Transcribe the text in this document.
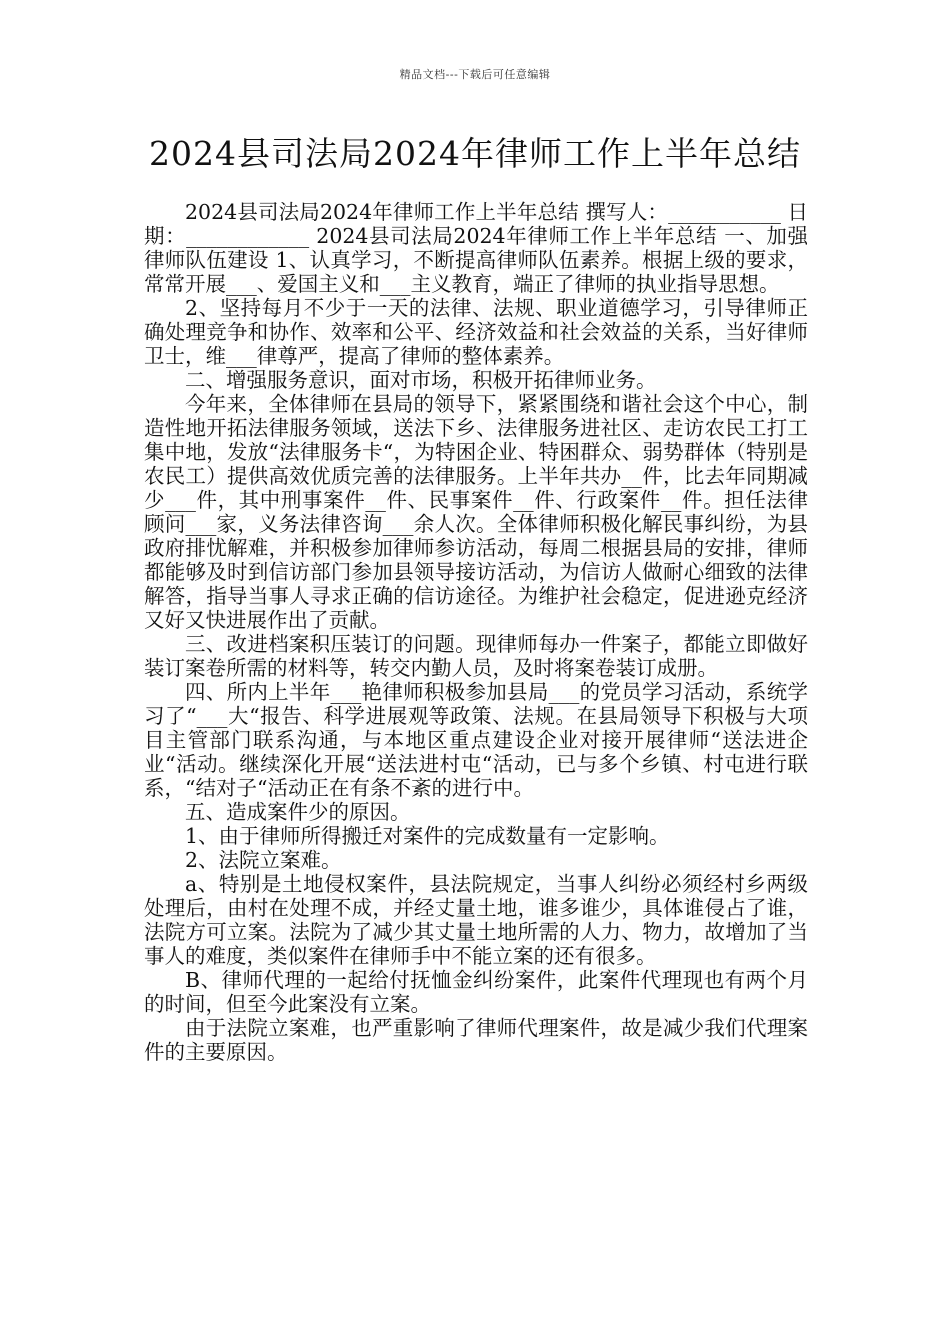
精品文档---下载后可任意编辑
2024县司法局2024年律师工作上半年总结

2024县司法局2024年律师工作上半年总结 撰写人：___________ 日 期：____________ 2024县司法局2024年律师工作上半年总结 一、加强律师队伍建设 1、认真学习，不断提高律师队伍素养。根据上级的要求，常常开展___、爱国主义和___主义教育，端正了律师的执业指导思想。

2、坚持每月不少于一天的法律、法规、职业道德学习，引导律师正确处理竞争和协作、效率和公平、经济效益和社会效益的关系，当好律师卫士，维___律尊严，提高了律师的整体素养。

二、增强服务意识，面对市场，积极开拓律师业务。

今年来，全体律师在县局的领导下，紧紧围绕和谐社会这个中心，制造性地开拓法律服务领域，送法下乡、法律服务进社区、走访农民工打工集中地，发放“法律服务卡“，为特困企业、特困群众、弱势群体（特别是农民工）提供高效优质完善的法律服务。上半年共办__件，比去年同期减少___件，其中刑事案件__件、民事案件__件、行政案件__件。担任法律顾问___家，义务法律咨询___余人次。全体律师积极化解民事纠纷，为县政府排忧解难，并积极参加律师参访活动，每周二根据县局的安排，律师都能够及时到信访部门参加县领导接访活动，为信访人做耐心细致的法律解答，指导当事人寻求正确的信访途径。为维护社会稳定，促进逊克经济又好又快进展作出了贡献。

三、改进档案积压装订的问题。现律师每办一件案子，都能立即做好装订案卷所需的材料等，转交内勤人员，及时将案卷装订成册。

四、所内上半年___艳律师积极参加县局___的党员学习活动，系统学习了“___大“报告、科学进展观等政策、法规。在县局领导下积极与大项目主管部门联系沟通，与本地区重点建设企业对接开展律师“送法进企业“活动。继续深化开展“送法进村屯“活动，已与多个乡镇、村屯进行联系，“结对子“活动正在有条不紊的进行中。

五、造成案件少的原因。

1、由于律师所得搬迁对案件的完成数量有一定影响。

2、法院立案难。

a、特别是土地侵权案件，县法院规定，当事人纠纷必须经村乡两级处理后，由村在处理不成，并经丈量土地，谁多谁少，具体谁侵占了谁，法院方可立案。法院为了减少其丈量土地所需的人力、物力，故增加了当事人的难度，类似案件在律师手中不能立案的还有很多。

B、律师代理的一起给付抚恤金纠纷案件，此案件代理现也有两个月的时间，但至今此案没有立案。

由于法院立案难，也严重影响了律师代理案件，故是减少我们代理案件的主要原因。
